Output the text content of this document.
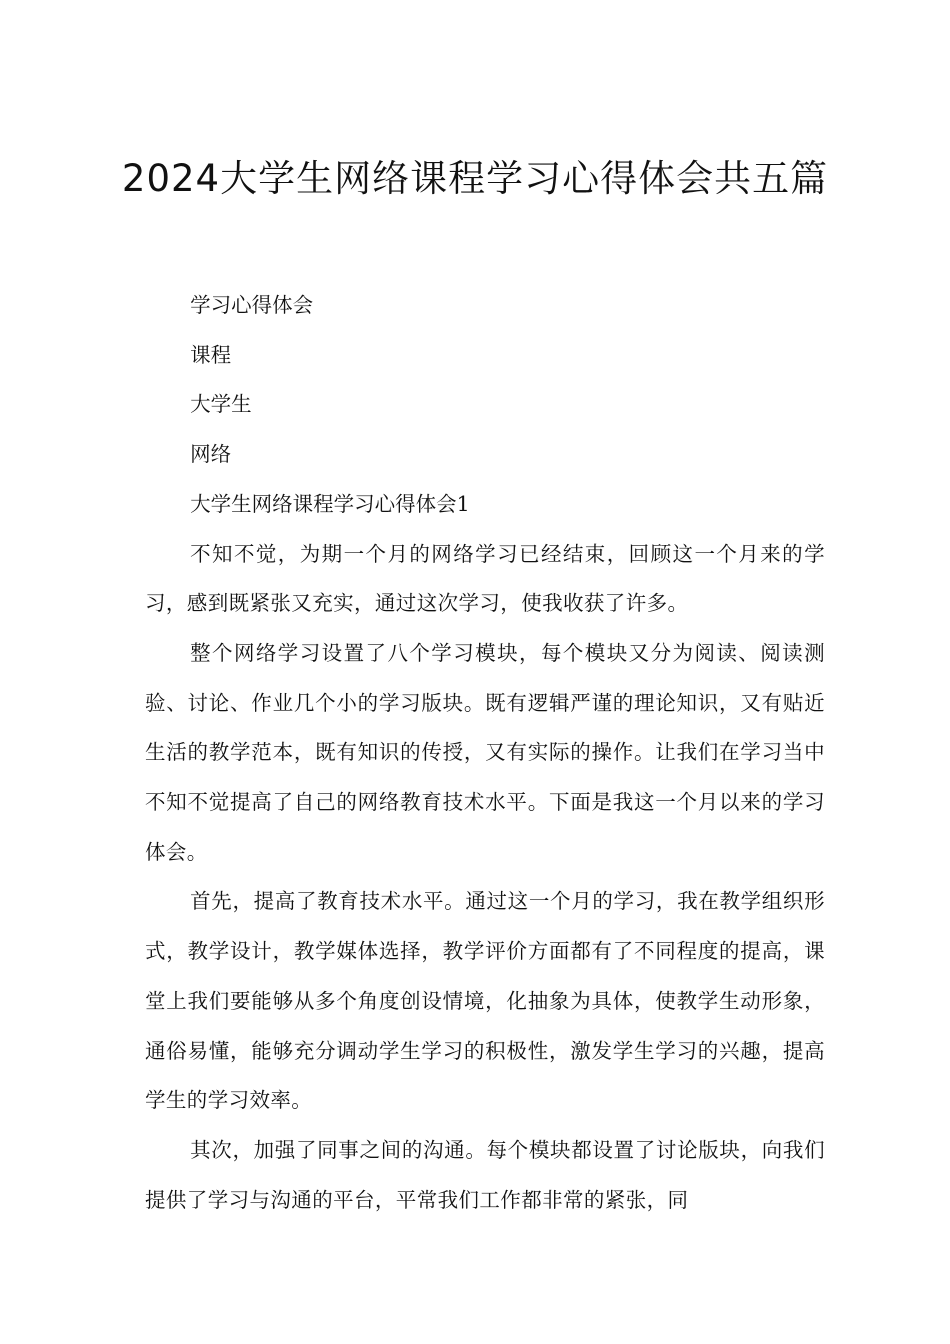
2024大学生网络课程学习心得体会共五篇

学习心得体会

课程

大学生

网络

大学生网络课程学习心得体会1

不知不觉，为期一个月的网络学习已经结束，回顾这一个月来的学习，感到既紧张又充实，通过这次学习，使我收获了许多。

整个网络学习设置了八个学习模块，每个模块又分为阅读、阅读测验、讨论、作业几个小的学习版块。既有逻辑严谨的理论知识，又有贴近生活的教学范本，既有知识的传授，又有实际的操作。让我们在学习当中不知不觉提高了自己的网络教育技术水平。下面是我这一个月以来的学习体会。

首先，提高了教育技术水平。通过这一个月的学习，我在教学组织形式，教学设计，教学媒体选择，教学评价方面都有了不同程度的提高，课堂上我们要能够从多个角度创设情境，化抽象为具体，使教学生动形象，通俗易懂，能够充分调动学生学习的积极性，激发学生学习的兴趣，提高学生的学习效率。

其次，加强了同事之间的沟通。每个模块都设置了讨论版块，向我们提供了学习与沟通的平台，平常我们工作都非常的紧张，同
